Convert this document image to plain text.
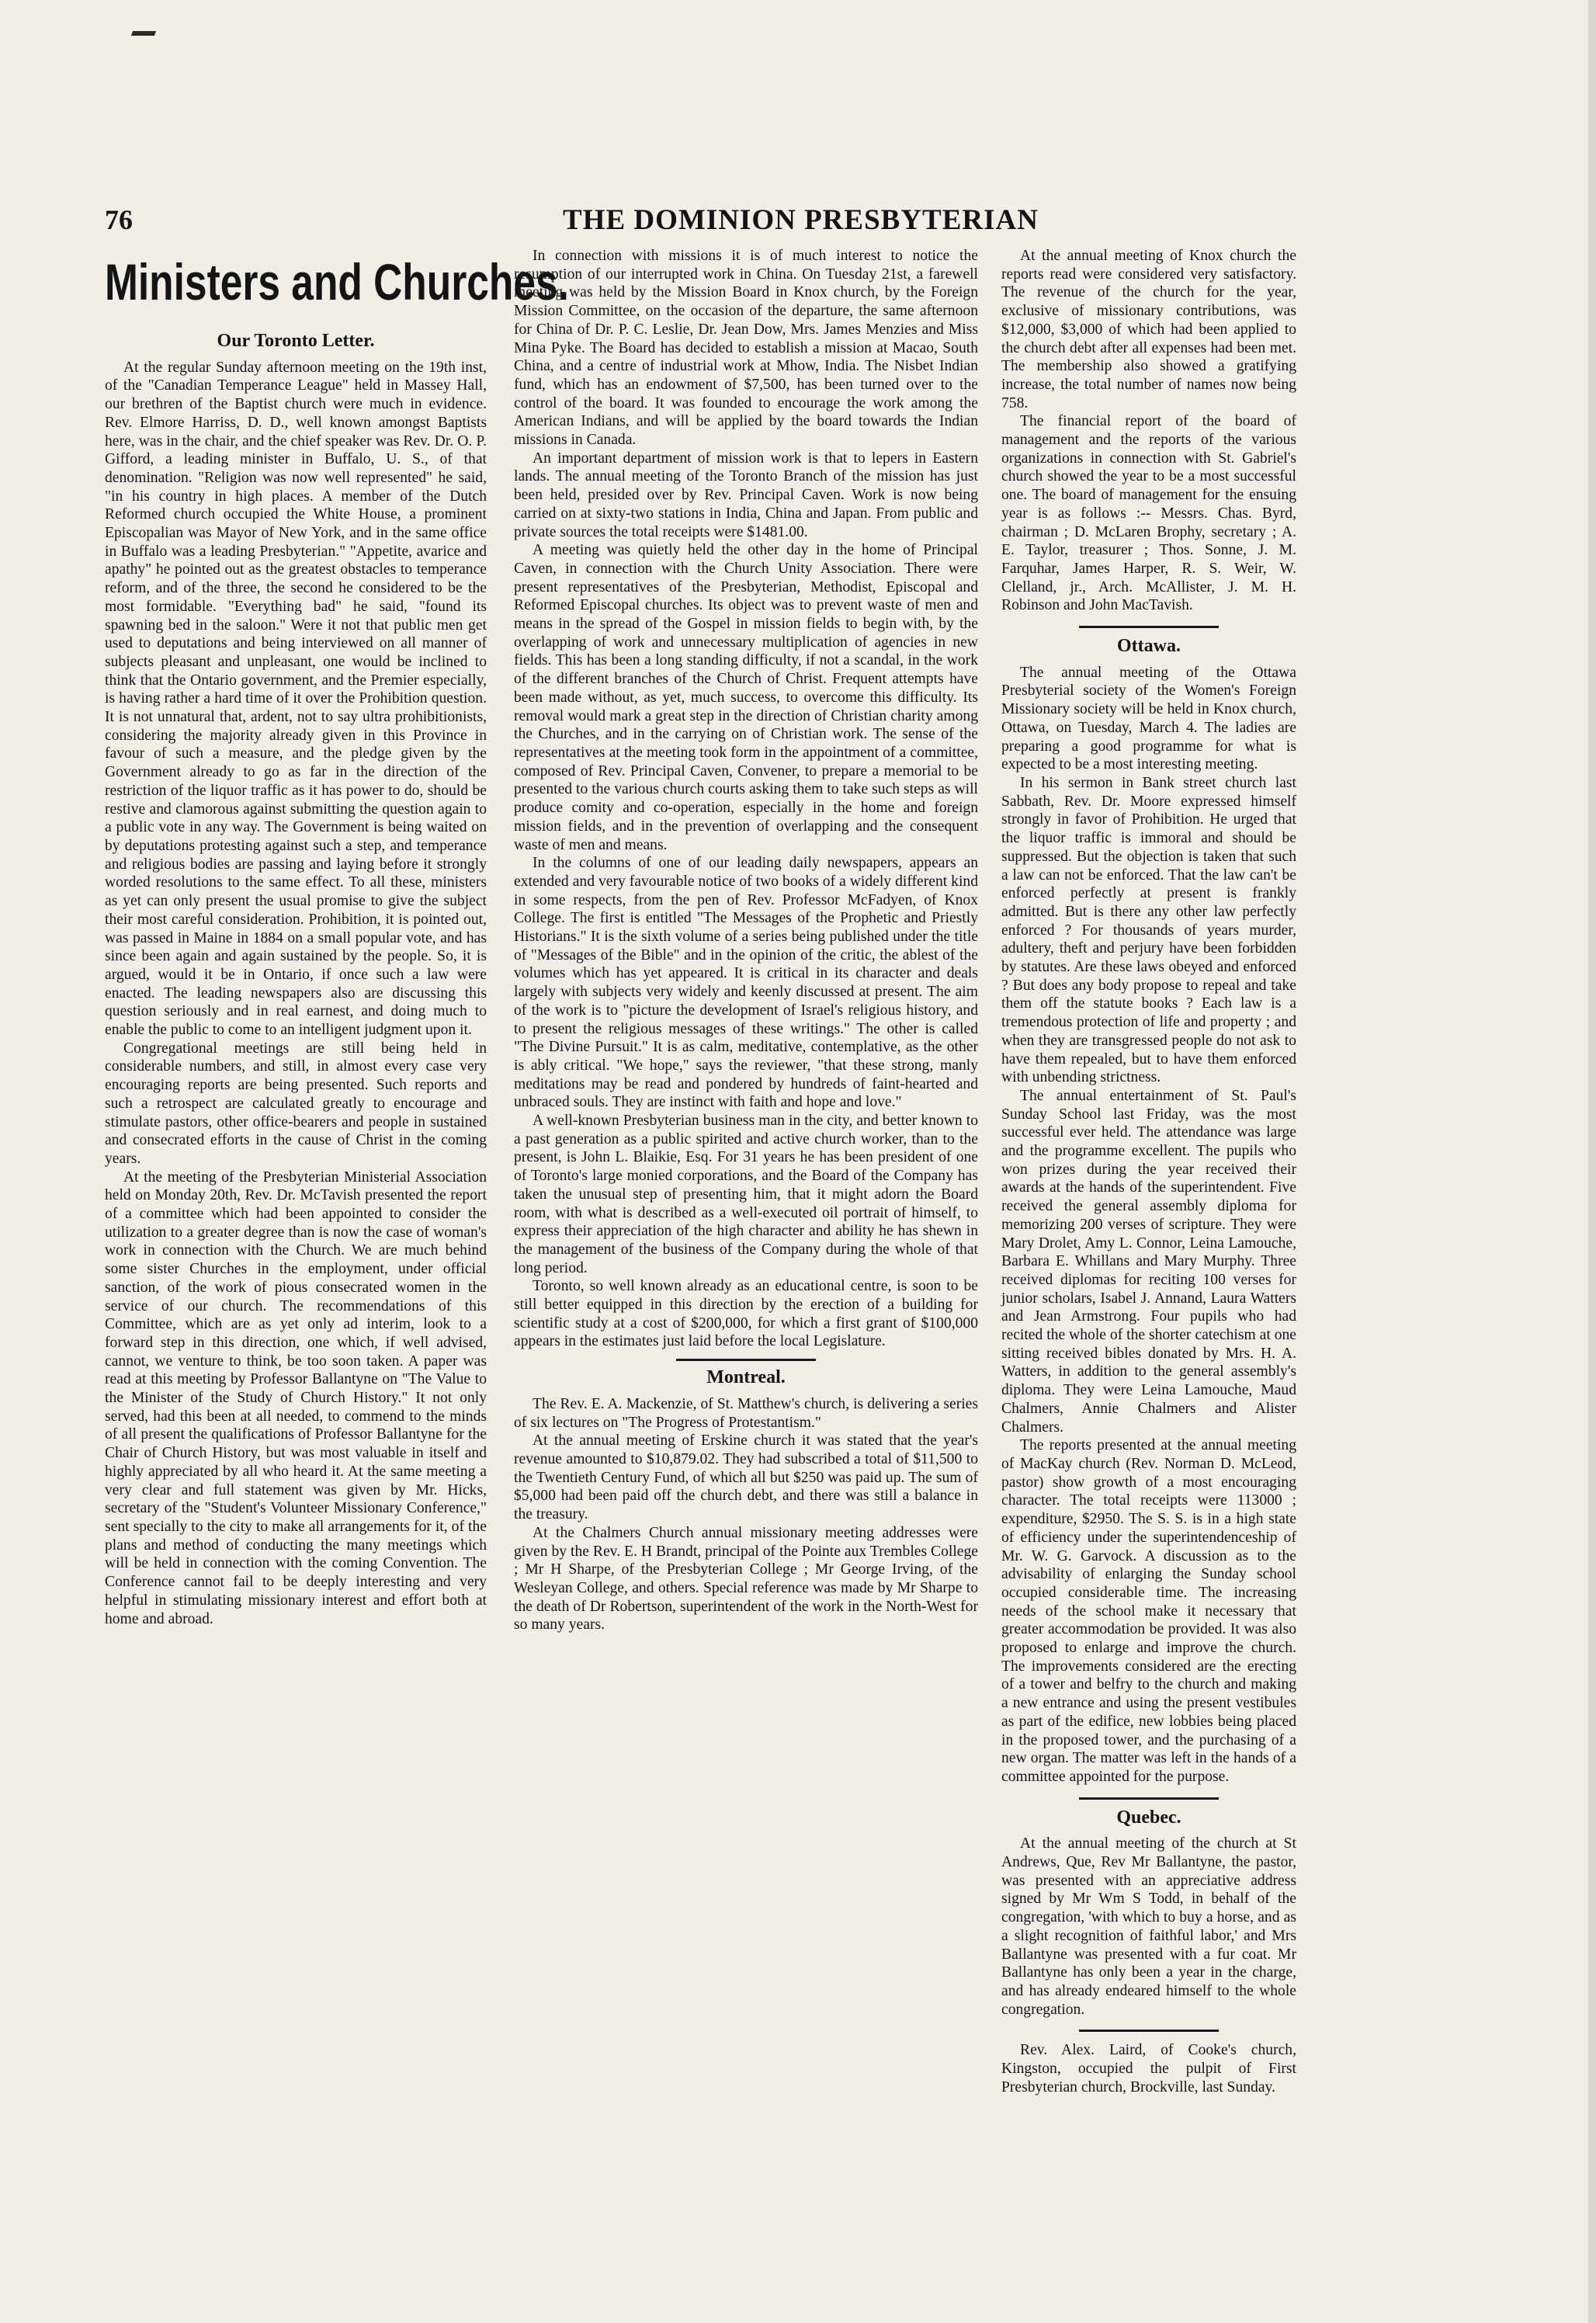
76	THE DOMINION PRESBYTERIAN
Ministers and Churches.
Our Toronto Letter.

At the regular Sunday afternoon meeting on the 19th inst, of the "Canadian Temperance League" held in Massey Hall, our brethren of the Baptist church were much in evidence. Rev. Elmore Harriss, D. D., well known amongst Baptists here, was in the chair, and the chief speaker was Rev. Dr. O. P. Gifford, a leading minister in Buffalo, U. S., of that denomination. "Religion was now well represented" he said, "in his country in high places. A member of the Dutch Reformed church occupied the White House, a prominent Episcopalian was Mayor of New York, and in the same office in Buffalo was a leading Presbyterian." "Appetite, avarice and apathy" he pointed out as the greatest obstacles to temperance reform, and of the three, the second he considered to be the most formidable. "Everything bad" he said, "found its spawning bed in the saloon." Were it not that public men get used to deputations and being interviewed on all manner of subjects pleasant and unpleasant, one would be inclined to think that the Ontario government, and the Premier especially, is having rather a hard time of it over the Prohibition question. It is not unnatural that, ardent, not to say ultra prohibitionists, considering the majority already given in this Province in favour of such a measure, and the pledge given by the Government already to go as far in the direction of the restriction of the liquor traffic as it has power to do, should be restive and clamorous against submitting the question again to a public vote in any way. The Government is being waited on by deputations protesting against such a step, and temperance and religious bodies are passing and laying before it strongly worded resolutions to the same effect. To all these, ministers as yet can only present the usual promise to give the subject their most careful consideration. Prohibition, it is pointed out, was passed in Maine in 1884 on a small popular vote, and has since been again and again sustained by the people. So, it is argued, would it be in Ontario, if once such a law were enacted. The leading newspapers also are discussing this question seriously and in real earnest, and doing much to enable the public to come to an intelligent judgment upon it.

Congregational meetings are still being held in considerable numbers, and still, in almost every case very encouraging reports are being presented. Such reports and such a retrospect are calculated greatly to encourage and stimulate pastors, other office-bearers and people in sustained and consecrated efforts in the cause of Christ in the coming years.

At the meeting of the Presbyterian Ministerial Association held on Monday 20th, Rev. Dr. McTavish presented the report of a committee which had been appointed to consider the utilization to a greater degree than is now the case of woman's work in connection with the Church. We are much behind some sister Churches in the employment, under official sanction, of the work of pious consecrated women in the service of our church. The recommendations of this Committee, which are as yet only ad interim, look to a forward step in this direction, one which, if well advised, cannot, we venture to think, be too soon taken. A paper was read at this meeting by Professor Ballantyne on "The Value to the Minister of the Study of Church History." It not only served, had this been at all needed, to commend to the minds of all present the qualifications of Professor Ballantyne for the Chair of Church History, but was most valuable in itself and highly appreciated by all who heard it. At the same meeting a very clear and full statement was given by Mr. Hicks, secretary of the "Student's Volunteer Missionary Conference," sent specially to the city to make all arrangements for it, of the plans and method of conducting the many meetings which will be held in connection with the coming Convention. The Conference cannot fail to be deeply interesting and very helpful in stimulating missionary interest and effort both at home and abroad.

In connection with missions it is of much interest to notice the resumption of our interrupted work in China. On Tuesday 21st, a farewell meeting was held by the Mission Board in Knox church, by the Foreign Mission Committee, on the occasion of the departure, the same afternoon for China of Dr. P. C. Leslie, Dr. Jean Dow, Mrs. James Menzies and Miss Mina Pyke. The Board has decided to establish a mission at Macao, South China, and a centre of industrial work at Mhow, India. The Nisbet Indian fund, which has an endowment of $7,500, has been turned over to the control of the board. It was founded to encourage the work among the American Indians, and will be applied by the board towards the Indian missions in Canada.

An important department of mission work is that to lepers in Eastern lands. The annual meeting of the Toronto Branch of the mission has just been held, presided over by Rev. Principal Caven. Work is now being carried on at sixty-two stations in India, China and Japan. From public and private sources the total receipts were $1481.00.

A meeting was quietly held the other day in the home of Principal Caven, in connection with the Church Unity Association. There were present representatives of the Presbyterian, Methodist, Episcopal and Reformed Episcopal churches. Its object was to prevent waste of men and means in the spread of the Gospel in mission fields to begin with, by the overlapping of work and unnecessary multiplication of agencies in new fields. This has been a long standing difficulty, if not a scandal, in the work of the different branches of the Church of Christ. Frequent attempts have been made without, as yet, much success, to overcome this difficulty. Its removal would mark a great step in the direction of Christian charity among the Churches, and in the carrying on of Christian work. The sense of the representatives at the meeting took form in the appointment of a committee, composed of Rev. Principal Caven, Convener, to prepare a memorial to be presented to the various church courts asking them to take such steps as will produce comity and co-operation, especially in the home and foreign mission fields, and in the prevention of overlapping and the consequent waste of men and means.

In the columns of one of our leading daily newspapers, appears an extended and very favourable notice of two books of a widely different kind in some respects, from the pen of Rev. Professor McFadyen, of Knox College. The first is entitled "The Messages of the Prophetic and Priestly Historians." It is the sixth volume of a series being published under the title of "Messages of the Bible" and in the opinion of the critic, the ablest of the volumes which has yet appeared. It is critical in its character and deals largely with subjects very widely and keenly discussed at present. The aim of the work is to "picture the development of Israel's religious history, and to present the religious messages of these writings." The other is called "The Divine Pursuit." It is as calm, meditative, contemplative, as the other is ably critical. "We hope," says the reviewer, "that these strong, manly meditations may be read and pondered by hundreds of faint-hearted and unbraced souls. They are instinct with faith and hope and love."

A well-known Presbyterian business man in the city, and better known to a past generation as a public spirited and active church worker, than to the present, is John L. Blaikie, Esq. For 31 years he has been president of one of Toronto's large monied corporations, and the Board of the Company has taken the unusual step of presenting him, that it might adorn the Board room, with what is described as a well-executed oil portrait of himself, to express their appreciation of the high character and ability he has shewn in the management of the business of the Company during the whole of that long period.

Toronto, so well known already as an educational centre, is soon to be still better equipped in this direction by the erection of a building for scientific study at a cost of $200,000, for which a first grant of $100,000 appears in the estimates just laid before the local Legislature.

Montreal.

The Rev. E. A. Mackenzie, of St. Matthew's church, is delivering a series of six lectures on "The Progress of Protestantism."

At the annual meeting of Erskine church it was stated that the year's revenue amounted to $10,879.02. They had subscribed a total of $11,500 to the Twentieth Century Fund, of which all but $250 was paid up. The sum of $5,000 had been paid off the church debt, and there was still a balance in the treasury.

At the Chalmers Church annual missionary meeting addresses were given by the Rev. E. H Brandt, principal of the Pointe aux Trembles College ; Mr H Sharpe, of the Presbyterian College ; Mr George Irving, of the Wesleyan College, and others. Special reference was made by Mr Sharpe to the death of Dr Robertson, superintendent of the work in the North-West for so many years.

At the annual meeting of Knox church the reports read were considered very satisfactory. The revenue of the church for the year, exclusive of missionary contributions, was $12,000, $3,000 of which had been applied to the church debt after all expenses had been met. The membership also showed a gratifying increase, the total number of names now being 758.

The financial report of the board of management and the reports of the various organizations in connection with St. Gabriel's church showed the year to be a most successful one. The board of management for the ensuing year is as follows :-- Messrs. Chas. Byrd, chairman ; D. McLaren Brophy, secretary ; A. E. Taylor, treasurer ; Thos. Sonne, J. M. Farquhar, James Harper, R. S. Weir, W. Clelland, jr., Arch. McAllister, J. M. H. Robinson and John MacTavish.

Ottawa.

The annual meeting of the Ottawa Presbyterial society of the Women's Foreign Missionary society will be held in Knox church, Ottawa, on Tuesday, March 4. The ladies are preparing a good programme for what is expected to be a most interesting meeting.

In his sermon in Bank street church last Sabbath, Rev. Dr. Moore expressed himself strongly in favor of Prohibition. He urged that the liquor traffic is immoral and should be suppressed. But the objection is taken that such a law can not be enforced. That the law can't be enforced perfectly at present is frankly admitted. But is there any other law perfectly enforced ? For thousands of years murder, adultery, theft and perjury have been forbidden by statutes. Are these laws obeyed and enforced ? But does any body propose to repeal and take them off the statute books ? Each law is a tremendous protection of life and property ; and when they are transgressed people do not ask to have them repealed, but to have them enforced with unbending strictness.

The annual entertainment of St. Paul's Sunday School last Friday, was the most successful ever held. The attendance was large and the programme excellent. The pupils who won prizes during the year received their awards at the hands of the superintendent. Five received the general assembly diploma for memorizing 200 verses of scripture. They were Mary Drolet, Amy L. Connor, Leina Lamouche, Barbara E. Whillans and Mary Murphy. Three received diplomas for reciting 100 verses for junior scholars, Isabel J. Annand, Laura Watters and Jean Armstrong. Four pupils who had recited the whole of the shorter catechism at one sitting received bibles donated by Mrs. H. A. Watters, in addition to the general assembly's diploma. They were Leina Lamouche, Maud Chalmers, Annie Chalmers and Alister Chalmers.

The reports presented at the annual meeting of MacKay church (Rev. Norman D. McLeod, pastor) show growth of a most encouraging character. The total receipts were 113000 ; expenditure, $2950. The S. S. is in a high state of efficiency under the superintendenceship of Mr. W. G. Garvock. A discussion as to the advisability of enlarging the Sunday school occupied considerable time. The increasing needs of the school make it necessary that greater accommodation be provided. It was also proposed to enlarge and improve the church. The improvements considered are the erecting of a tower and belfry to the church and making a new entrance and using the present vestibules as part of the edifice, new lobbies being placed in the proposed tower, and the purchasing of a new organ. The matter was left in the hands of a committee appointed for the purpose.

Quebec.

At the annual meeting of the church at St Andrews, Que, Rev Mr Ballantyne, the pastor, was presented with an appreciative address signed by Mr Wm S Todd, in behalf of the congregation, 'with which to buy a horse, and as a slight recognition of faithful labor,' and Mrs Ballantyne was presented with a fur coat. Mr Ballantyne has only been a year in the charge, and has already endeared himself to the whole congregation.

Rev. Alex. Laird, of Cooke's church, Kingston, occupied the pulpit of First Presbyterian church, Brockville, last Sunday.
